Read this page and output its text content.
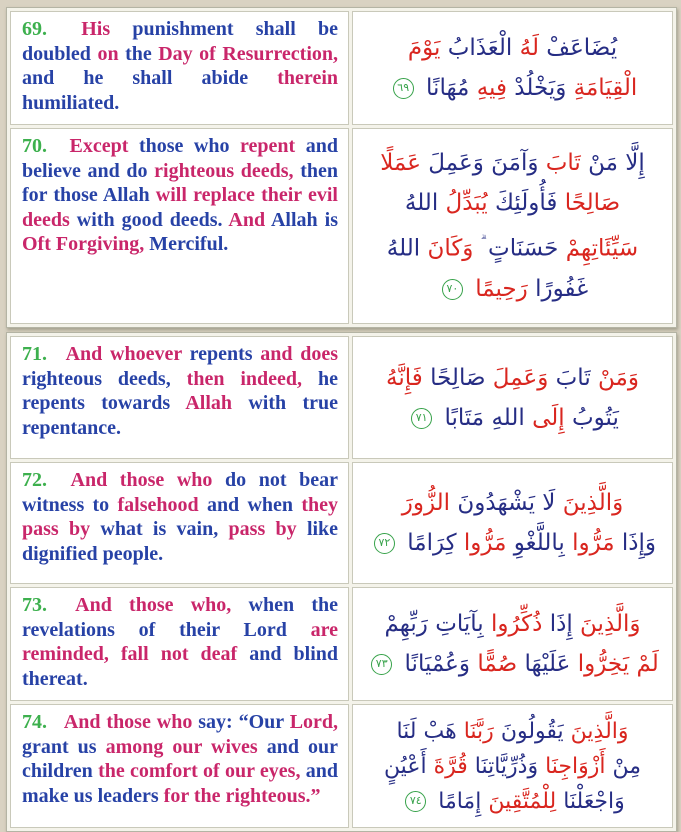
69. His punishment shall be doubled on the Day of Resurrection, and he shall abide therein humiliated.	
يُضَاعَفْ لَهُ الْعَذَابُ يَوْمَ
الْقِيَامَةِ وَيَخْلُدْ فِيهِ مُهَانًا ٦٩

70. Except those who repent and believe and do righteous deeds, then for those Allah will replace their evil deeds with good deeds. And Allah is Oft Forgiving, Merciful.	
إِلَّا مَنْ تَابَ وَآمَنَ وَعَمِلَ عَمَلًا
صَالِحًا فَأُولَئِكَ يُبَدِّلُ اللهُ
سَيِّئَاتِهِمْ حَسَنَاتٍ وَكَانَ اللهُ
غَفُورًا رَحِيمًا ٧٠
71. And whoever repents and does righteous deeds, then indeed, he repents towards Allah with true repentance.	
وَمَنْ تَابَ وَعَمِلَ صَالِحًا فَإِنَّهُ
يَتُوبُ إِلَى اللهِ مَتَابًا ٧١

72. And those who do not bear witness to falsehood and when they pass by what is vain, pass by like dignified people.	
وَالَّذِينَ لَا يَشْهَدُونَ الزُّورَ
وَإِذَا مَرُّوا بِاللَّغْوِ مَرُّوا كِرَامًا ٧٢

73. And those who, when the revelations of their Lord are reminded, fall not deaf and blind thereat.	
وَالَّذِينَ إِذَا ذُكِّرُوا بِآيَاتِ رَبِّهِمْ
لَمْ يَخِرُّوا عَلَيْهَا صُمًّا وَعُمْيَانًا ٧٣

74. And those who say: “Our Lord, grant us among our wives and our children the comfort of our eyes, and make us leaders for the righteous.”	
وَالَّذِينَ يَقُولُونَ رَبَّنَا هَبْ لَنَا
مِنْ أَزْوَاجِنَا وَذُرِّيَّاتِنَا قُرَّةَ أَعْيُنٍ
وَاجْعَلْنَا لِلْمُتَّقِينَ إِمَامًا ٧٤
